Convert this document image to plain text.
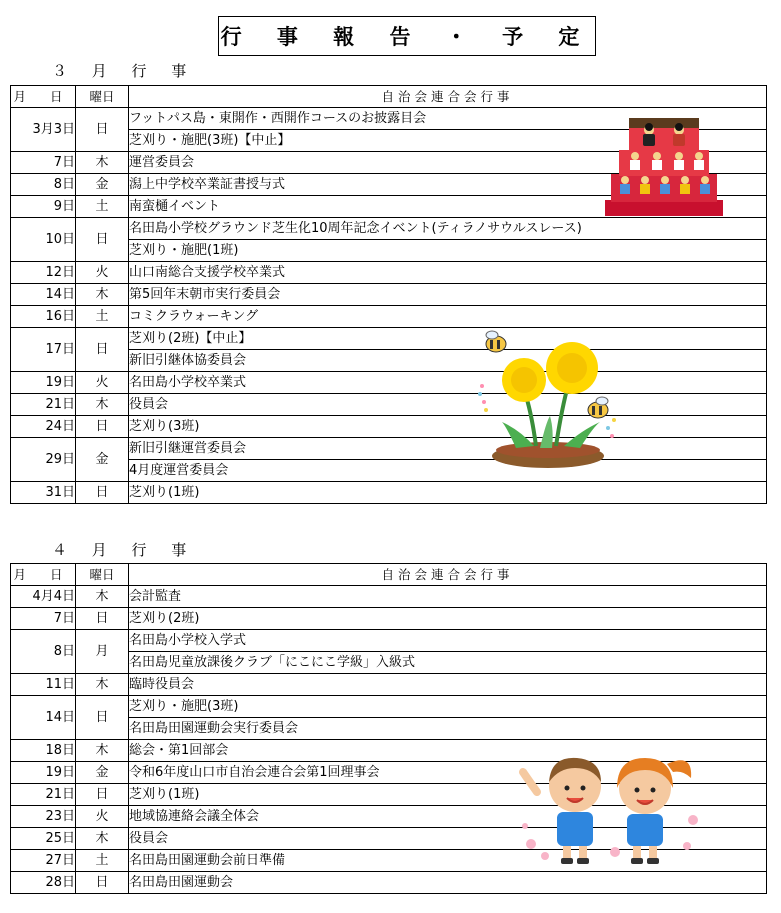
行 事 報 告 ・ 予 定
３ 月 行 事
月 日	曜日	自治会連合会行事
3月3日	日	フットパス島・東開作・西開作コースのお披露目会
芝刈り・施肥(3班)【中止】

7日	木	運営委員会

8日	金	潟上中学校卒業証書授与式

9日	土	南蛮樋イベント

10日	日	名田島小学校グラウンド芝生化10周年記念イベント(ティラノサウルスレース)
芝刈り・施肥(1班)

12日	火	山口南総合支援学校卒業式

14日	木	第5回年末朝市実行委員会

16日	土	コミクラウォーキング

17日	日	芝刈り(2班)【中止】
新旧引継体協委員会

19日	火	名田島小学校卒業式

21日	木	役員会

24日	日	芝刈り(3班)

29日	金	新旧引継運営委員会
4月度運営委員会

31日	日	芝刈り(1班)
４ 月 行 事
月 日	曜日	自治会連合会行事
4月4日	木	会計監査

7日	日	芝刈り(2班)

8日	月	名田島小学校入学式
名田島児童放課後クラブ「にこにこ学級」入級式

11日	木	臨時役員会

14日	日	芝刈り・施肥(3班)
名田島田園運動会実行委員会

18日	木	総会・第1回部会

19日	金	令和6年度山口市自治会連合会第1回理事会

21日	日	芝刈り(1班)

23日	火	地域協連絡会議全体会

25日	木	役員会

27日	土	名田島田園運動会前日準備

28日	日	名田島田園運動会
